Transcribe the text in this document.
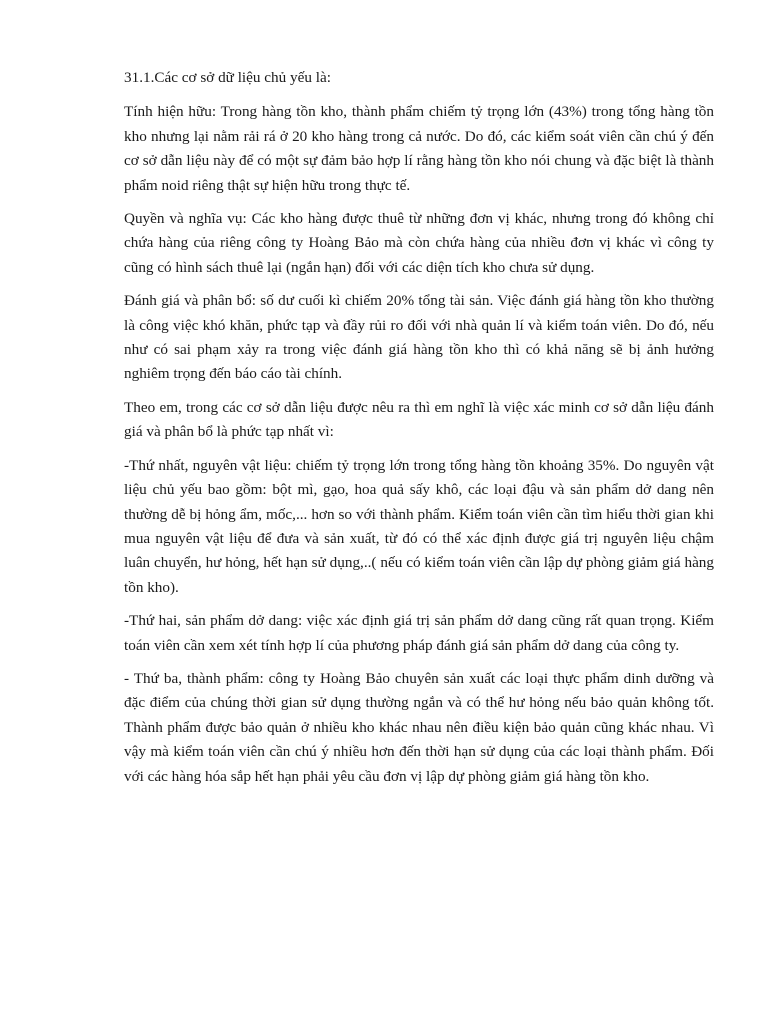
31.1.Các cơ sở dữ liệu chủ yếu là:

Tính hiện hữu: Trong hàng tồn kho, thành phẩm chiếm tỷ trọng lớn (43%) trong tổng hàng tồn kho nhưng lại nằm rải rá ở 20 kho hàng trong cả nước. Do đó, các kiểm soát viên cần chú ý đến cơ sở dẫn liệu này để có một sự đảm bảo hợp lí rằng hàng tồn kho nói chung và đặc biệt là thành phẩm noid riêng thật sự hiện hữu trong thực tế.

Quyền và nghĩa vụ: Các kho hàng được thuê từ những đơn vị khác, nhưng trong đó không chỉ chứa hàng của riêng công ty Hoàng Bảo mà còn chứa hàng của nhiều đơn vị khác vì công ty cũng có hình sách thuê lại (ngắn hạn) đối với các diện tích kho chưa sử dụng.

Đánh giá và phân bổ: số dư cuối kì chiếm 20% tổng tài sản. Việc đánh giá hàng tồn kho thường là công việc khó khăn, phức tạp và đầy rủi ro đối với nhà quản lí và kiểm toán viên. Do đó, nếu như có sai phạm xảy ra trong việc đánh giá hàng tồn kho thì có khả năng sẽ bị ảnh hưởng nghiêm trọng đến báo cáo tài chính.

Theo em, trong các cơ sở dẫn liệu được nêu ra thì em nghĩ là việc xác minh cơ sở dẫn liệu đánh giá và phân bổ là phức tạp nhất vì:

-Thứ nhất, nguyên vật liệu: chiếm tỷ trọng lớn trong tổng hàng tồn khoảng 35%. Do nguyên vật liệu chủ yếu bao gồm: bột mì, gạo, hoa quả sấy khô, các loại đậu và sản phẩm dở dang nên thường dễ bị hỏng ẩm, mốc,... hơn so với thành phẩm. Kiểm toán viên cần tìm hiểu thời gian khi mua nguyên vật liệu để đưa và sản xuất, từ đó có thể xác định được giá trị nguyên liệu chậm luân chuyển, hư hỏng, hết hạn sử dụng,..( nếu có kiểm toán viên cần lập dự phòng giảm giá hàng tồn kho).

-Thứ hai, sản phẩm dở dang: việc xác định giá trị sản phẩm dở dang cũng rất quan trọng. Kiểm toán viên cần xem xét tính hợp lí của phương pháp đánh giá sản phẩm dở dang của công ty.

- Thứ ba, thành phẩm: công ty Hoàng Bảo chuyên sản xuất các loại thực phẩm dinh dưỡng và đặc điểm của chúng thời gian sử dụng thường ngắn và có thể hư hỏng nếu bảo quản không tốt. Thành phẩm được bảo quản ở nhiều kho khác nhau nên điều kiện bảo quản cũng khác nhau. Vì vậy mà kiểm toán viên cần chú ý nhiều hơn đến thời hạn sử dụng của các loại thành phẩm. Đối với các hàng hóa sắp hết hạn phải yêu cầu đơn vị lập dự phòng giảm giá hàng tồn kho.
